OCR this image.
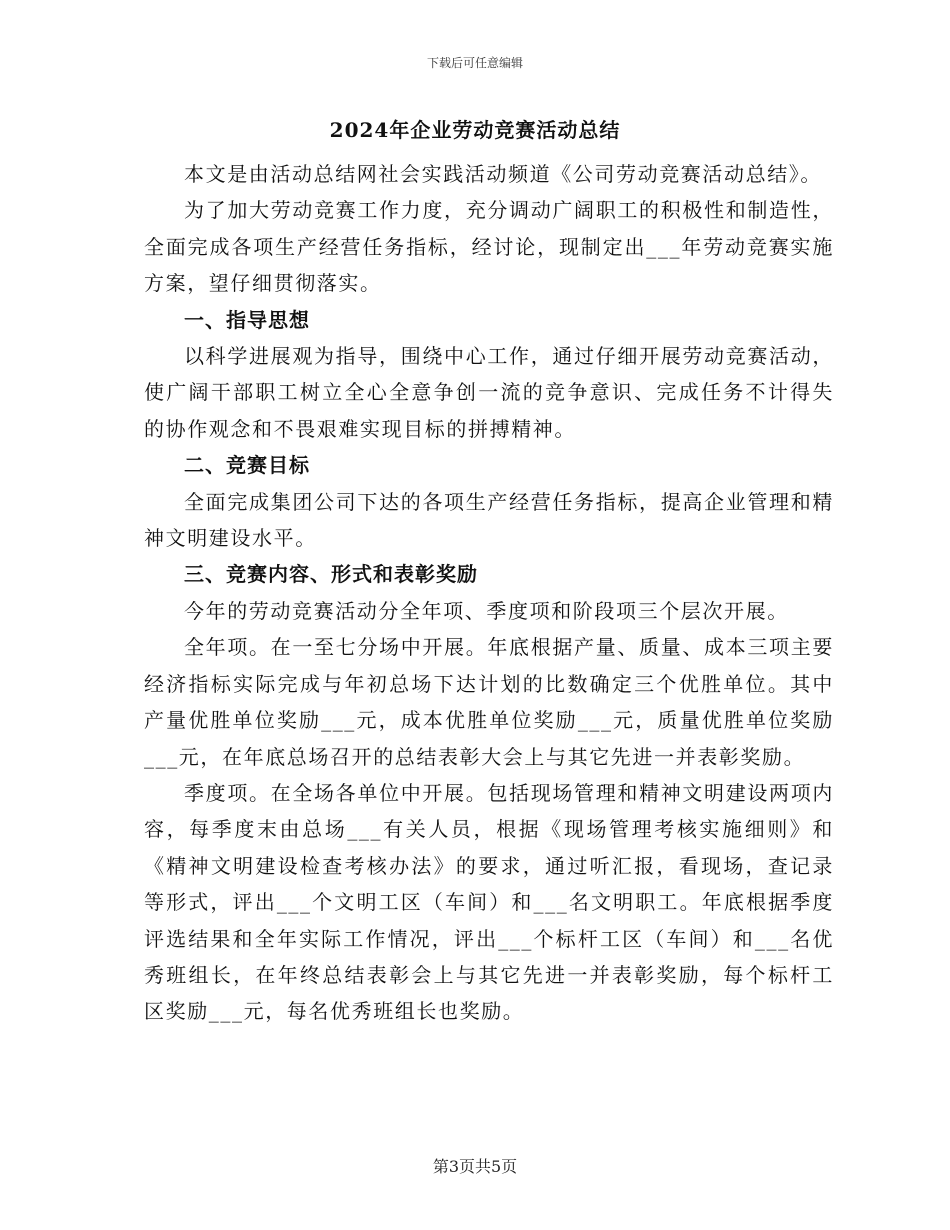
下载后可任意编辑
2024年企业劳动竞赛活动总结

本文是由活动总结网社会实践活动频道《公司劳动竞赛活动总结》。

为了加大劳动竞赛工作力度，充分调动广阔职工的积极性和制造性，全面完成各项生产经营任务指标，经讨论，现制定出___年劳动竞赛实施方案，望仔细贯彻落实。

一、指导思想

以科学进展观为指导，围绕中心工作，通过仔细开展劳动竞赛活动，使广阔干部职工树立全心全意争创一流的竞争意识、完成任务不计得失的协作观念和不畏艰难实现目标的拼搏精神。

二、竞赛目标

全面完成集团公司下达的各项生产经营任务指标，提高企业管理和精神文明建设水平。

三、竞赛内容、形式和表彰奖励

今年的劳动竞赛活动分全年项、季度项和阶段项三个层次开展。

全年项。在一至七分场中开展。年底根据产量、质量、成本三项主要经济指标实际完成与年初总场下达计划的比数确定三个优胜单位。其中产量优胜单位奖励___元，成本优胜单位奖励___元，质量优胜单位奖励___元，在年底总场召开的总结表彰大会上与其它先进一并表彰奖励。

季度项。在全场各单位中开展。包括现场管理和精神文明建设两项内容，每季度末由总场___有关人员，根据《现场管理考核实施细则》和《精神文明建设检查考核办法》的要求，通过听汇报，看现场，查记录等形式，评出___个文明工区（车间）和___名文明职工。年底根据季度评选结果和全年实际工作情况，评出___个标杆工区（车间）和___名优秀班组长，在年终总结表彰会上与其它先进一并表彰奖励，每个标杆工区奖励___元，每名优秀班组长也奖励。

第3页共5页
